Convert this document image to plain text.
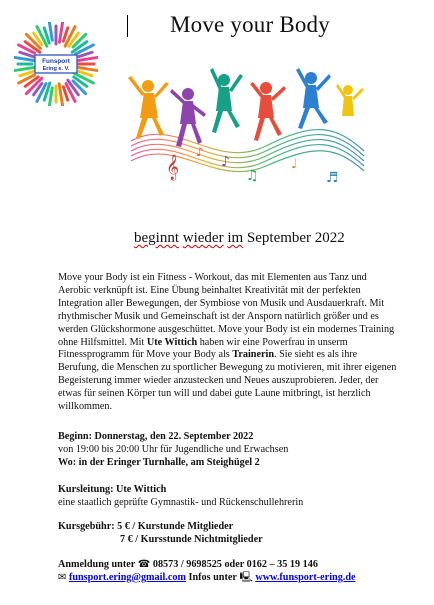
Funsport
Ering e. V.
Move your Body
𝄞	♪
♫
♩
♬
♪
beginnt wieder im September 2022
Move your Body ist ein Fitness - Workout, das mit Elementen aus Tanz und Aerobic verknüpft ist. Eine Übung beinhaltet Kreativität mit der perfekten Integration aller Bewegungen, der Symbiose von Musik und Ausdauerkraft. Mit rhythmischer Musik und Gemeinschaft ist der Ansporn natürlich größer und es werden Glückshormone ausgeschüttet. Move your Body ist ein modernes Training ohne Hilfsmittel. Mit Ute Wittich haben wir eine Powerfrau in unserm Fitnessprogramm für Move your Body als Trainerin. Sie sieht es als ihre Berufung, die Menschen zu sportlicher Bewegung zu motivieren, mit ihrer eigenen Begeisterung immer wieder anzustecken und Neues auszuprobieren. Jeder, der etwas für seinen Körper tun will und dabei gute Laune mitbringt, ist herzlich willkommen.
Beginn: Donnerstag, den 22. September 2022
von 19:00 bis 20:00 Uhr für Jugendliche und Erwachsen
Wo: in der Eringer Turnhalle, am Steighügel 2
Kursleitung: Ute Wittich
eine staatlich geprüfte Gymnastik- und Rückenschullehrerin
Kursgebühr: 5 € / Kurstunde Mitglieder
7 € / Kursstunde Nichtmitglieder
Anmeldung unter ☎ 08573 / 9698525 oder 0162 – 35 19 146
✉ funsport.ering@gmail.com Infos unter 🖳 www.funsport-ering.de
